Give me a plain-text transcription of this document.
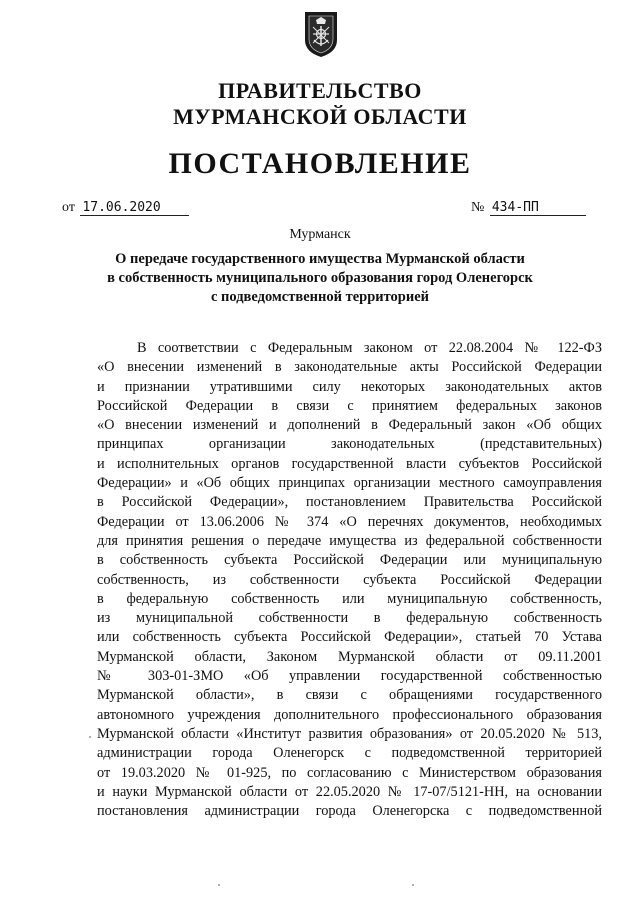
ПРАВИТЕЛЬСТВО
МУРМАНСКОЙ ОБЛАСТИ
ПОСТАНОВЛЕНИЕ
от 17.06.2020	№ 434-ПП
Мурманск
О передаче государственного имущества Мурманской области
в собственность муниципального образования город Оленегорск
с подведомственной территорией
В соответствии с Федеральным законом от 22.08.2004 № 122-ФЗ
«О внесении изменений в законодательные акты Российской Федерации
и признании утратившими силу некоторых законодательных актов
Российской Федерации в связи с принятием федеральных законов
«О внесении изменений и дополнений в Федеральный закон «Об общих
принципах организации законодательных (представительных)
и исполнительных органов государственной власти субъектов Российской
Федерации» и «Об общих принципах организации местного самоуправления
в Российской Федерации», постановлением Правительства Российской
Федерации от 13.06.2006 № 374 «О перечнях документов, необходимых
для принятия решения о передаче имущества из федеральной собственности
в собственность субъекта Российской Федерации или муниципальную
собственность, из собственности субъекта Российской Федерации
в федеральную собственность или муниципальную собственность,
из муниципальной собственности в федеральную собственность
или собственность субъекта Российской Федерации», статьей 70 Устава
Мурманской области, Законом Мурманской области от 09.11.2001
№ 303-01-ЗМО «Об управлении государственной собственностью
Мурманской области», в связи с обращениями государственного
автономного учреждения дополнительного профессионального образования
Мурманской области «Институт развития образования» от 20.05.2020 № 513,
администрации города Оленегорск с подведомственной территорией
от 19.03.2020 № 01-925, по согласованию с Министерством образования
и науки Мурманской области от 22.05.2020 № 17-07/5121-НН, на основании
постановления администрации города Оленегорска с подведомственной
